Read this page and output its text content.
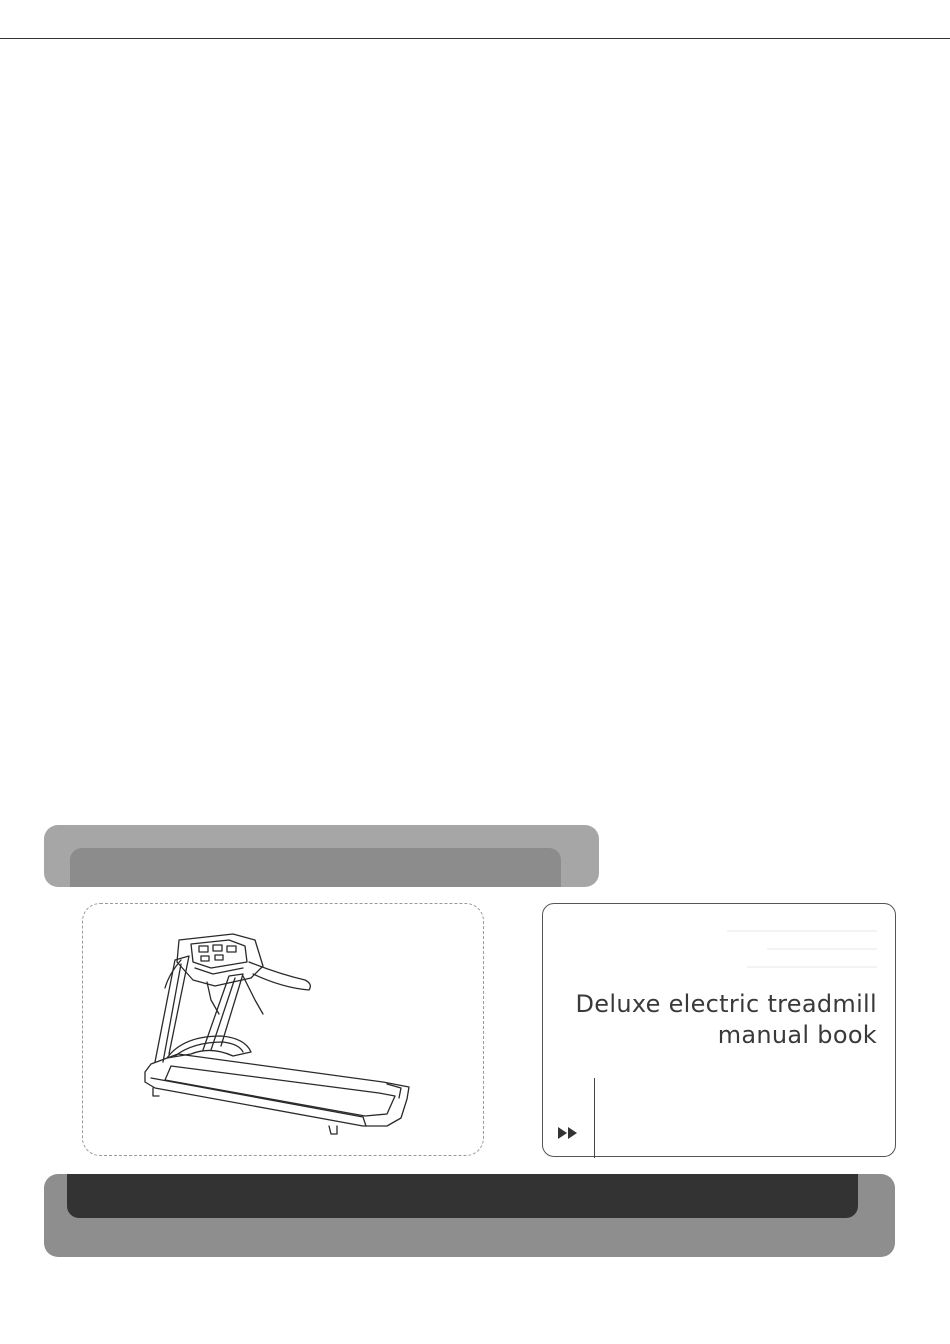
Deluxe electric treadmill
manual book
